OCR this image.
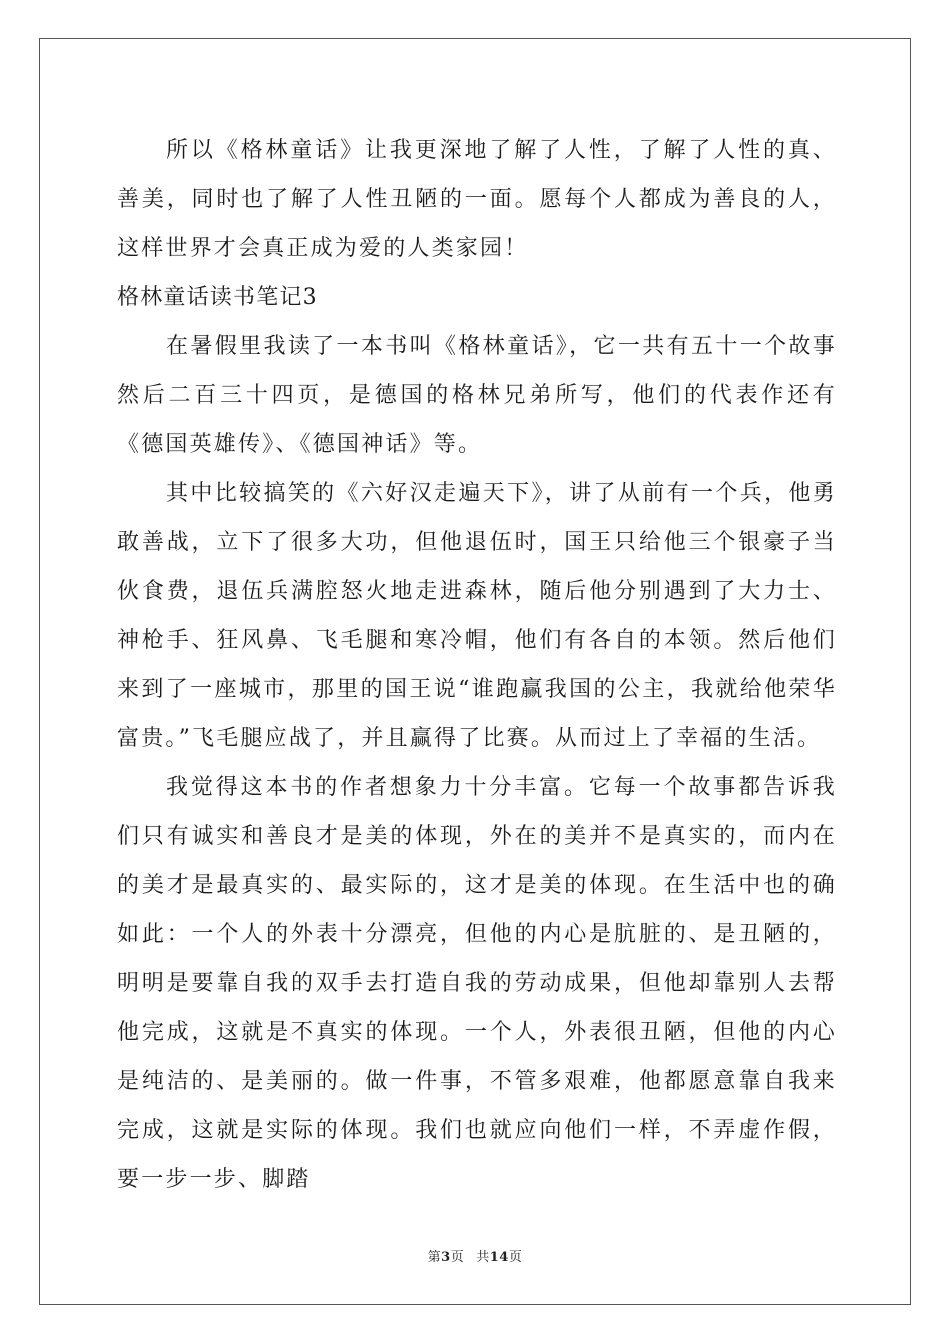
所以《格林童话》让我更深地了解了人性，了解了人性的真、善美，同时也了解了人性丑陋的一面。愿每个人都成为善良的人，这样世界才会真正成为爱的人类家园！

格林童话读书笔记3

在暑假里我读了一本书叫《格林童话》，它一共有五十一个故事然后二百三十四页，是德国的格林兄弟所写，他们的代表作还有《德国英雄传》、《德国神话》等。

其中比较搞笑的《六好汉走遍天下》，讲了从前有一个兵，他勇敢善战，立下了很多大功，但他退伍时，国王只给他三个银豪子当伙食费，退伍兵满腔怒火地走进森林，随后他分别遇到了大力士、神枪手、狂风鼻、飞毛腿和寒冷帽，他们有各自的本领。然后他们来到了一座城市，那里的国王说“谁跑赢我国的公主，我就给他荣华富贵。”飞毛腿应战了，并且赢得了比赛。从而过上了幸福的生活。

我觉得这本书的作者想象力十分丰富。它每一个故事都告诉我们只有诚实和善良才是美的体现，外在的美并不是真实的，而内在的美才是最真实的、最实际的，这才是美的体现。在生活中也的确如此：一个人的外表十分漂亮，但他的内心是肮脏的、是丑陋的，明明是要靠自我的双手去打造自我的劳动成果，但他却靠别人去帮他完成，这就是不真实的体现。一个人，外表很丑陋，但他的内心是纯洁的、是美丽的。做一件事，不管多艰难，他都愿意靠自我来完成，这就是实际的体现。我们也就应向他们一样，不弄虚作假，要一步一步、脚踏

第3页 共14页
